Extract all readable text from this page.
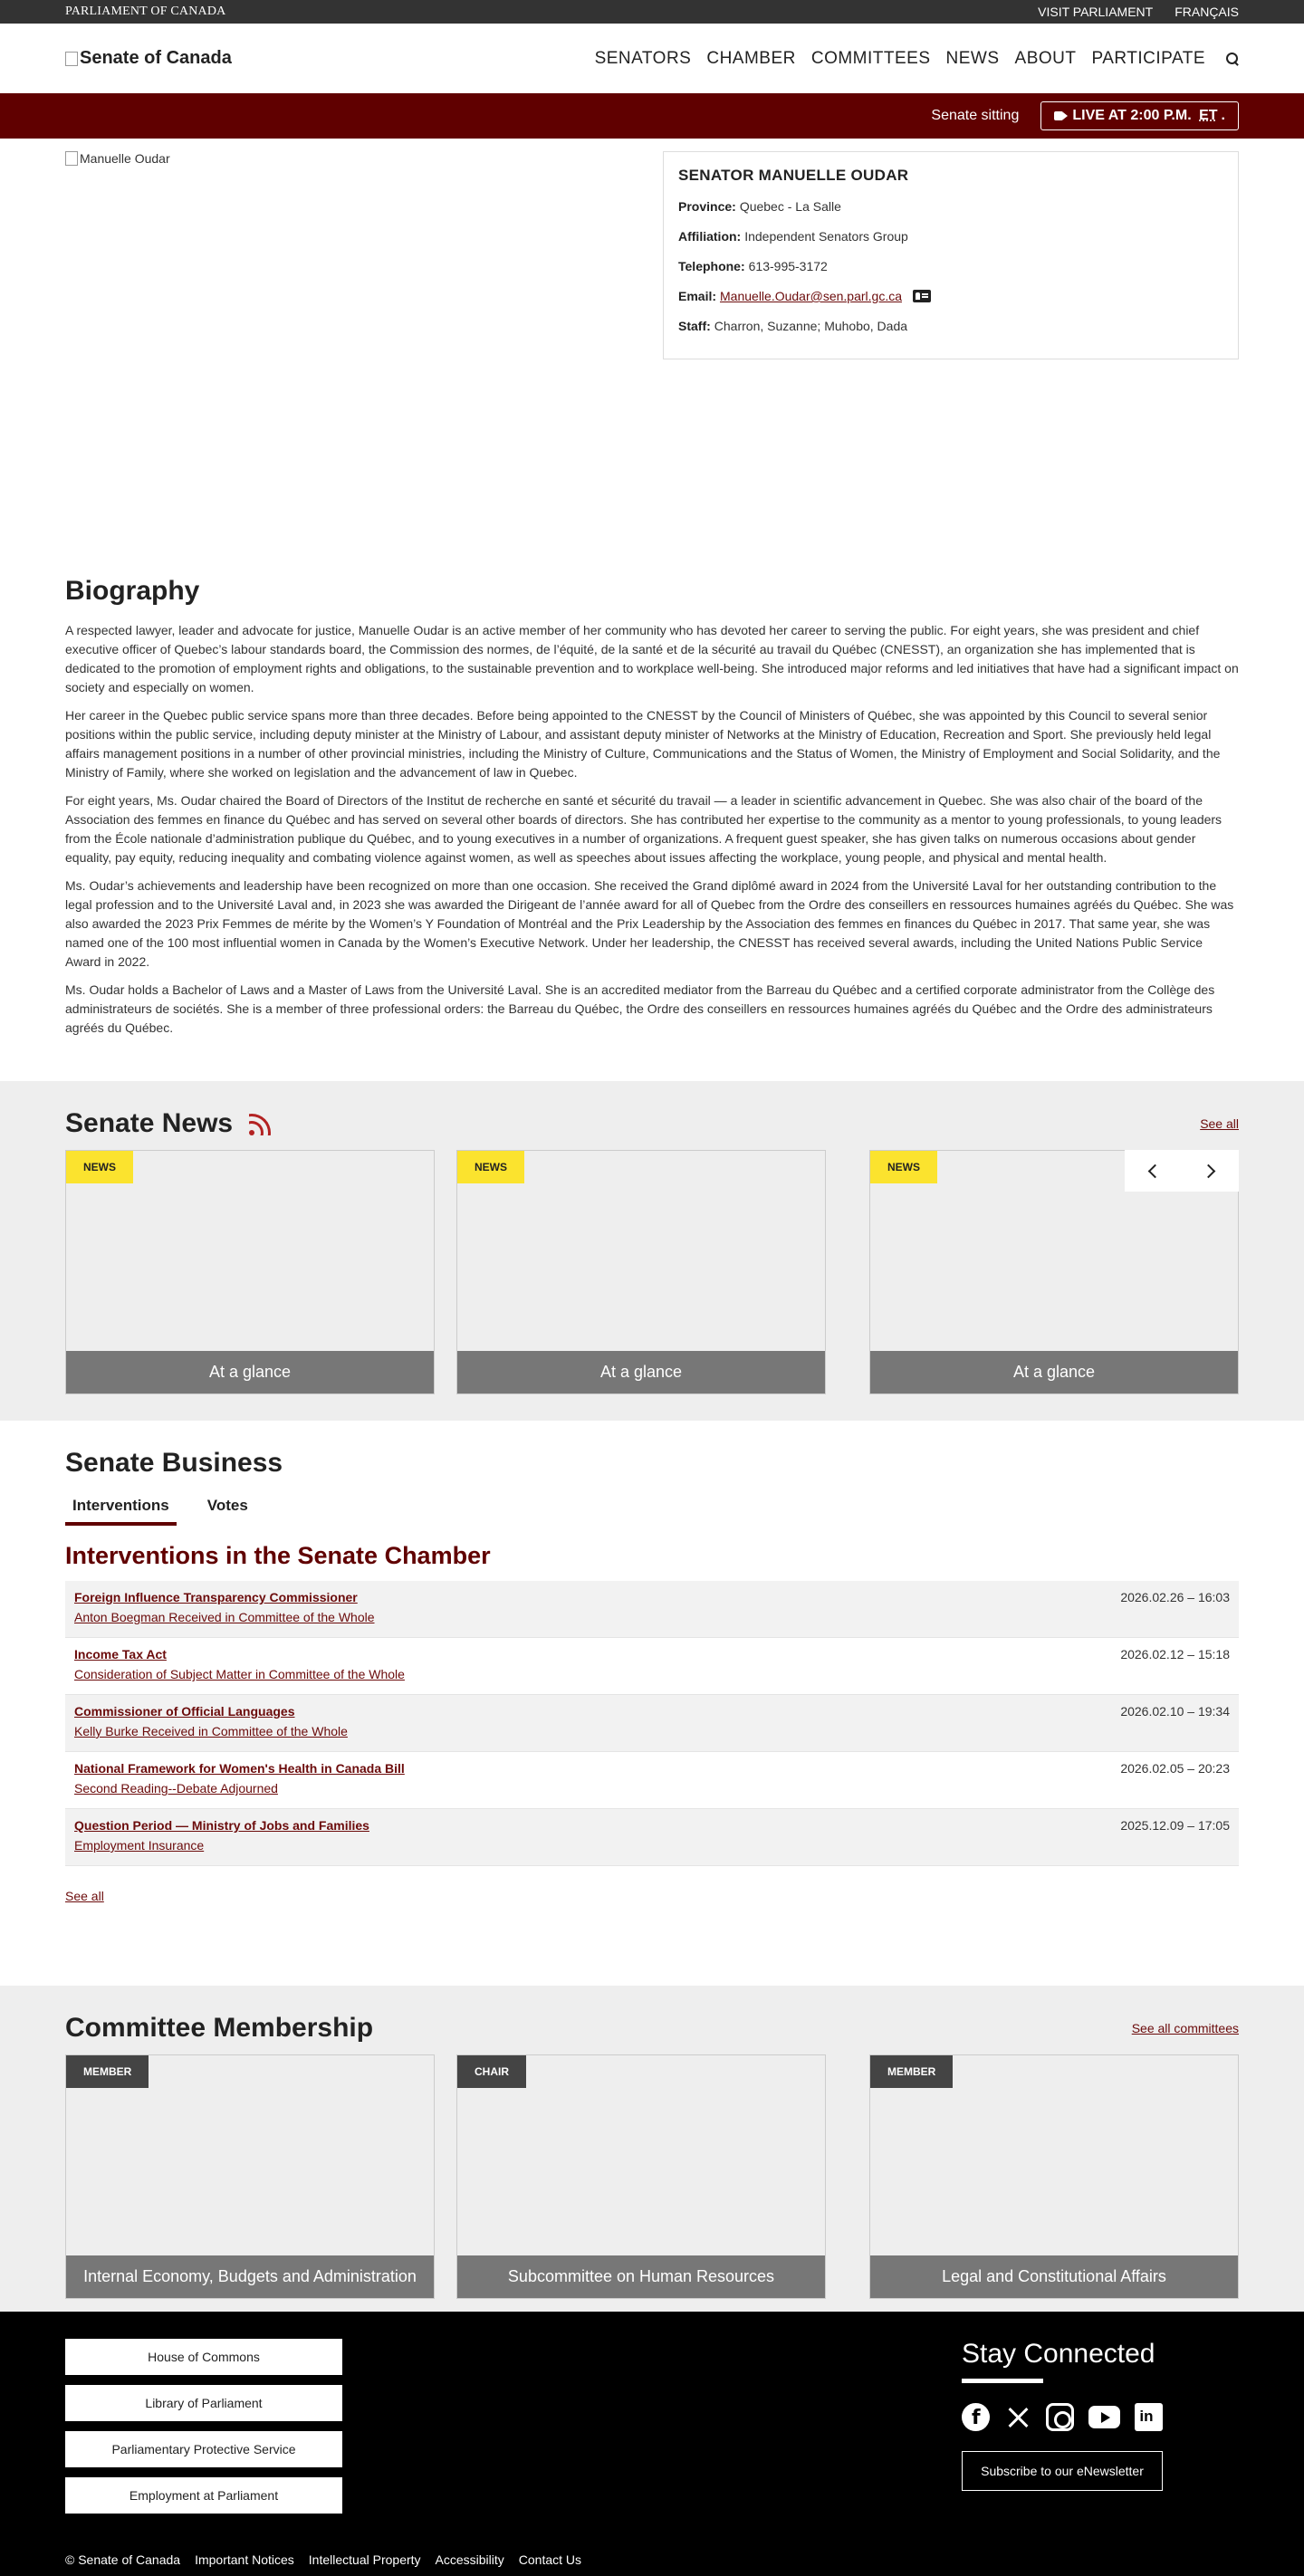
PARLIAMENT OF CANADA	VISIT PARLIAMENT FRANÇAIS
Senate of Canada	SENATORS CHAMBER COMMITTEES NEWS ABOUT PARTICIPATE
Senate sitting	LIVE AT 2:00 P.M. ET .
Manuelle Oudar
SENATOR MANUELLE OUDAR
Province: Quebec - La Salle
Affiliation: Independent Senators Group
Telephone: 613-995-3172
Email: Manuelle.Oudar@sen.parl.gc.ca
Staff: Charron, Suzanne; Muhobo, Dada
Biography

A respected lawyer, leader and advocate for justice, Manuelle Oudar is an active member of her community who has devoted her career to serving the public. For eight years, she was president and chief executive officer of Quebec’s labour standards board, the Commission des normes, de l’équité, de la santé et de la sécurité au travail du Québec (CNESST), an organization she has implemented that is dedicated to the promotion of employment rights and obligations, to the sustainable prevention and to workplace well-being. She introduced major reforms and led initiatives that have had a significant impact on society and especially on women.

Her career in the Quebec public service spans more than three decades. Before being appointed to the CNESST by the Council of Ministers of Québec, she was appointed by this Council to several senior positions within the public service, including deputy minister at the Ministry of Labour, and assistant deputy minister of Networks at the Ministry of Education, Recreation and Sport. She previously held legal affairs management positions in a number of other provincial ministries, including the Ministry of Culture, Communications and the Status of Women, the Ministry of Employment and Social Solidarity, and the Ministry of Family, where she worked on legislation and the advancement of law in Quebec.

For eight years, Ms. Oudar chaired the Board of Directors of the Institut de recherche en santé et sécurité du travail — a leader in scientific advancement in Quebec. She was also chair of the board of the Association des femmes en finance du Québec and has served on several other boards of directors. She has contributed her expertise to the community as a mentor to young professionals, to young leaders from the École nationale d’administration publique du Québec, and to young executives in a number of organizations. A frequent guest speaker, she has given talks on numerous occasions about gender equality, pay equity, reducing inequality and combating violence against women, as well as speeches about issues affecting the workplace, young people, and physical and mental health.

Ms. Oudar’s achievements and leadership have been recognized on more than one occasion. She received the Grand diplômé award in 2024 from the Université Laval for her outstanding contribution to the legal profession and to the Université Laval and, in 2023 she was awarded the Dirigeant de l’année award for all of Quebec from the Ordre des conseillers en ressources humaines agréés du Québec. She was also awarded the 2023 Prix Femmes de mérite by the Women’s Y Foundation of Montréal and the Prix Leadership by the Association des femmes en finances du Québec in 2017. That same year, she was named one of the 100 most influential women in Canada by the Women’s Executive Network. Under her leadership, the CNESST has received several awards, including the United Nations Public Service Award in 2022.

Ms. Oudar holds a Bachelor of Laws and a Master of Laws from the Université Laval. She is an accredited mediator from the Barreau du Québec and a certified corporate administrator from the Collège des administrateurs de sociétés. She is a member of three professional orders: the Barreau du Québec, the Ordre des conseillers en ressources humaines agréés du Québec and the Ordre des administrateurs agréés du Québec.

Senate News	See all
NEWS
At a glance
NEWS
At a glance
NEWS
At a glance
Senate Business
Interventions	Votes
Interventions in the Senate Chamber
Foreign Influence Transparency Commissioner
Anton Boegman Received in Committee of the Whole
2026.02.26 – 16:03
Income Tax Act
Consideration of Subject Matter in Committee of the Whole
2026.02.12 – 15:18
Commissioner of Official Languages
Kelly Burke Received in Committee of the Whole
2026.02.10 – 19:34
National Framework for Women's Health in Canada Bill
Second Reading--Debate Adjourned
2026.02.05 – 20:23
Question Period — Ministry of Jobs and Families
Employment Insurance
2025.12.09 – 17:05
See all
Committee Membership	See all committees
MEMBER
Internal Economy, Budgets and Administration
CHAIR
Subcommittee on Human Resources
MEMBER
Legal and Constitutional Affairs
House of Commons
Library of Parliament
Parliamentary Protective Service
Employment at Parliament
Stay Connected
f
in
Subscribe to our eNewsletter
© Senate of Canada Important Notices Intellectual Property Accessibility Contact Us
